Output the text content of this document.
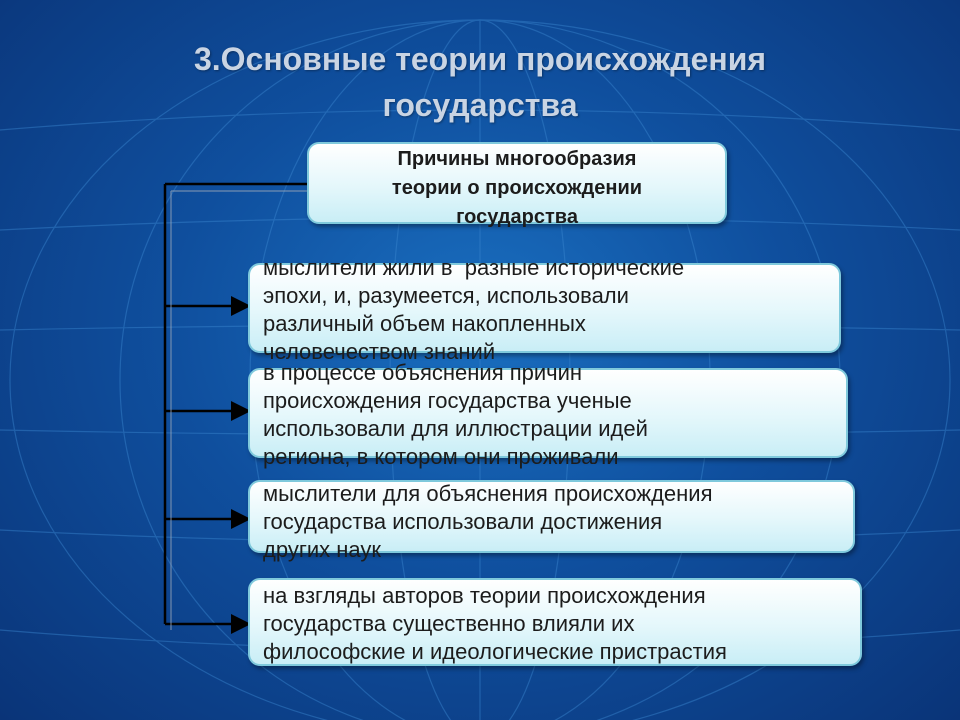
3.Основные теории происхождения
государства
Причины многообразия
теории о происхождении
государства
мыслители жили в  разные исторические
эпохи, и, разумеется, использовали
различный объем накопленных
человечеством знаний
в процессе объяснения причин
происхождения государства ученые
использовали для иллюстрации идей
региона, в котором они проживали
мыслители для объяснения происхождения
государства использовали достижения
других наук
на взгляды авторов теории происхождения
государства существенно влияли их
философские и идеологические пристрастия
